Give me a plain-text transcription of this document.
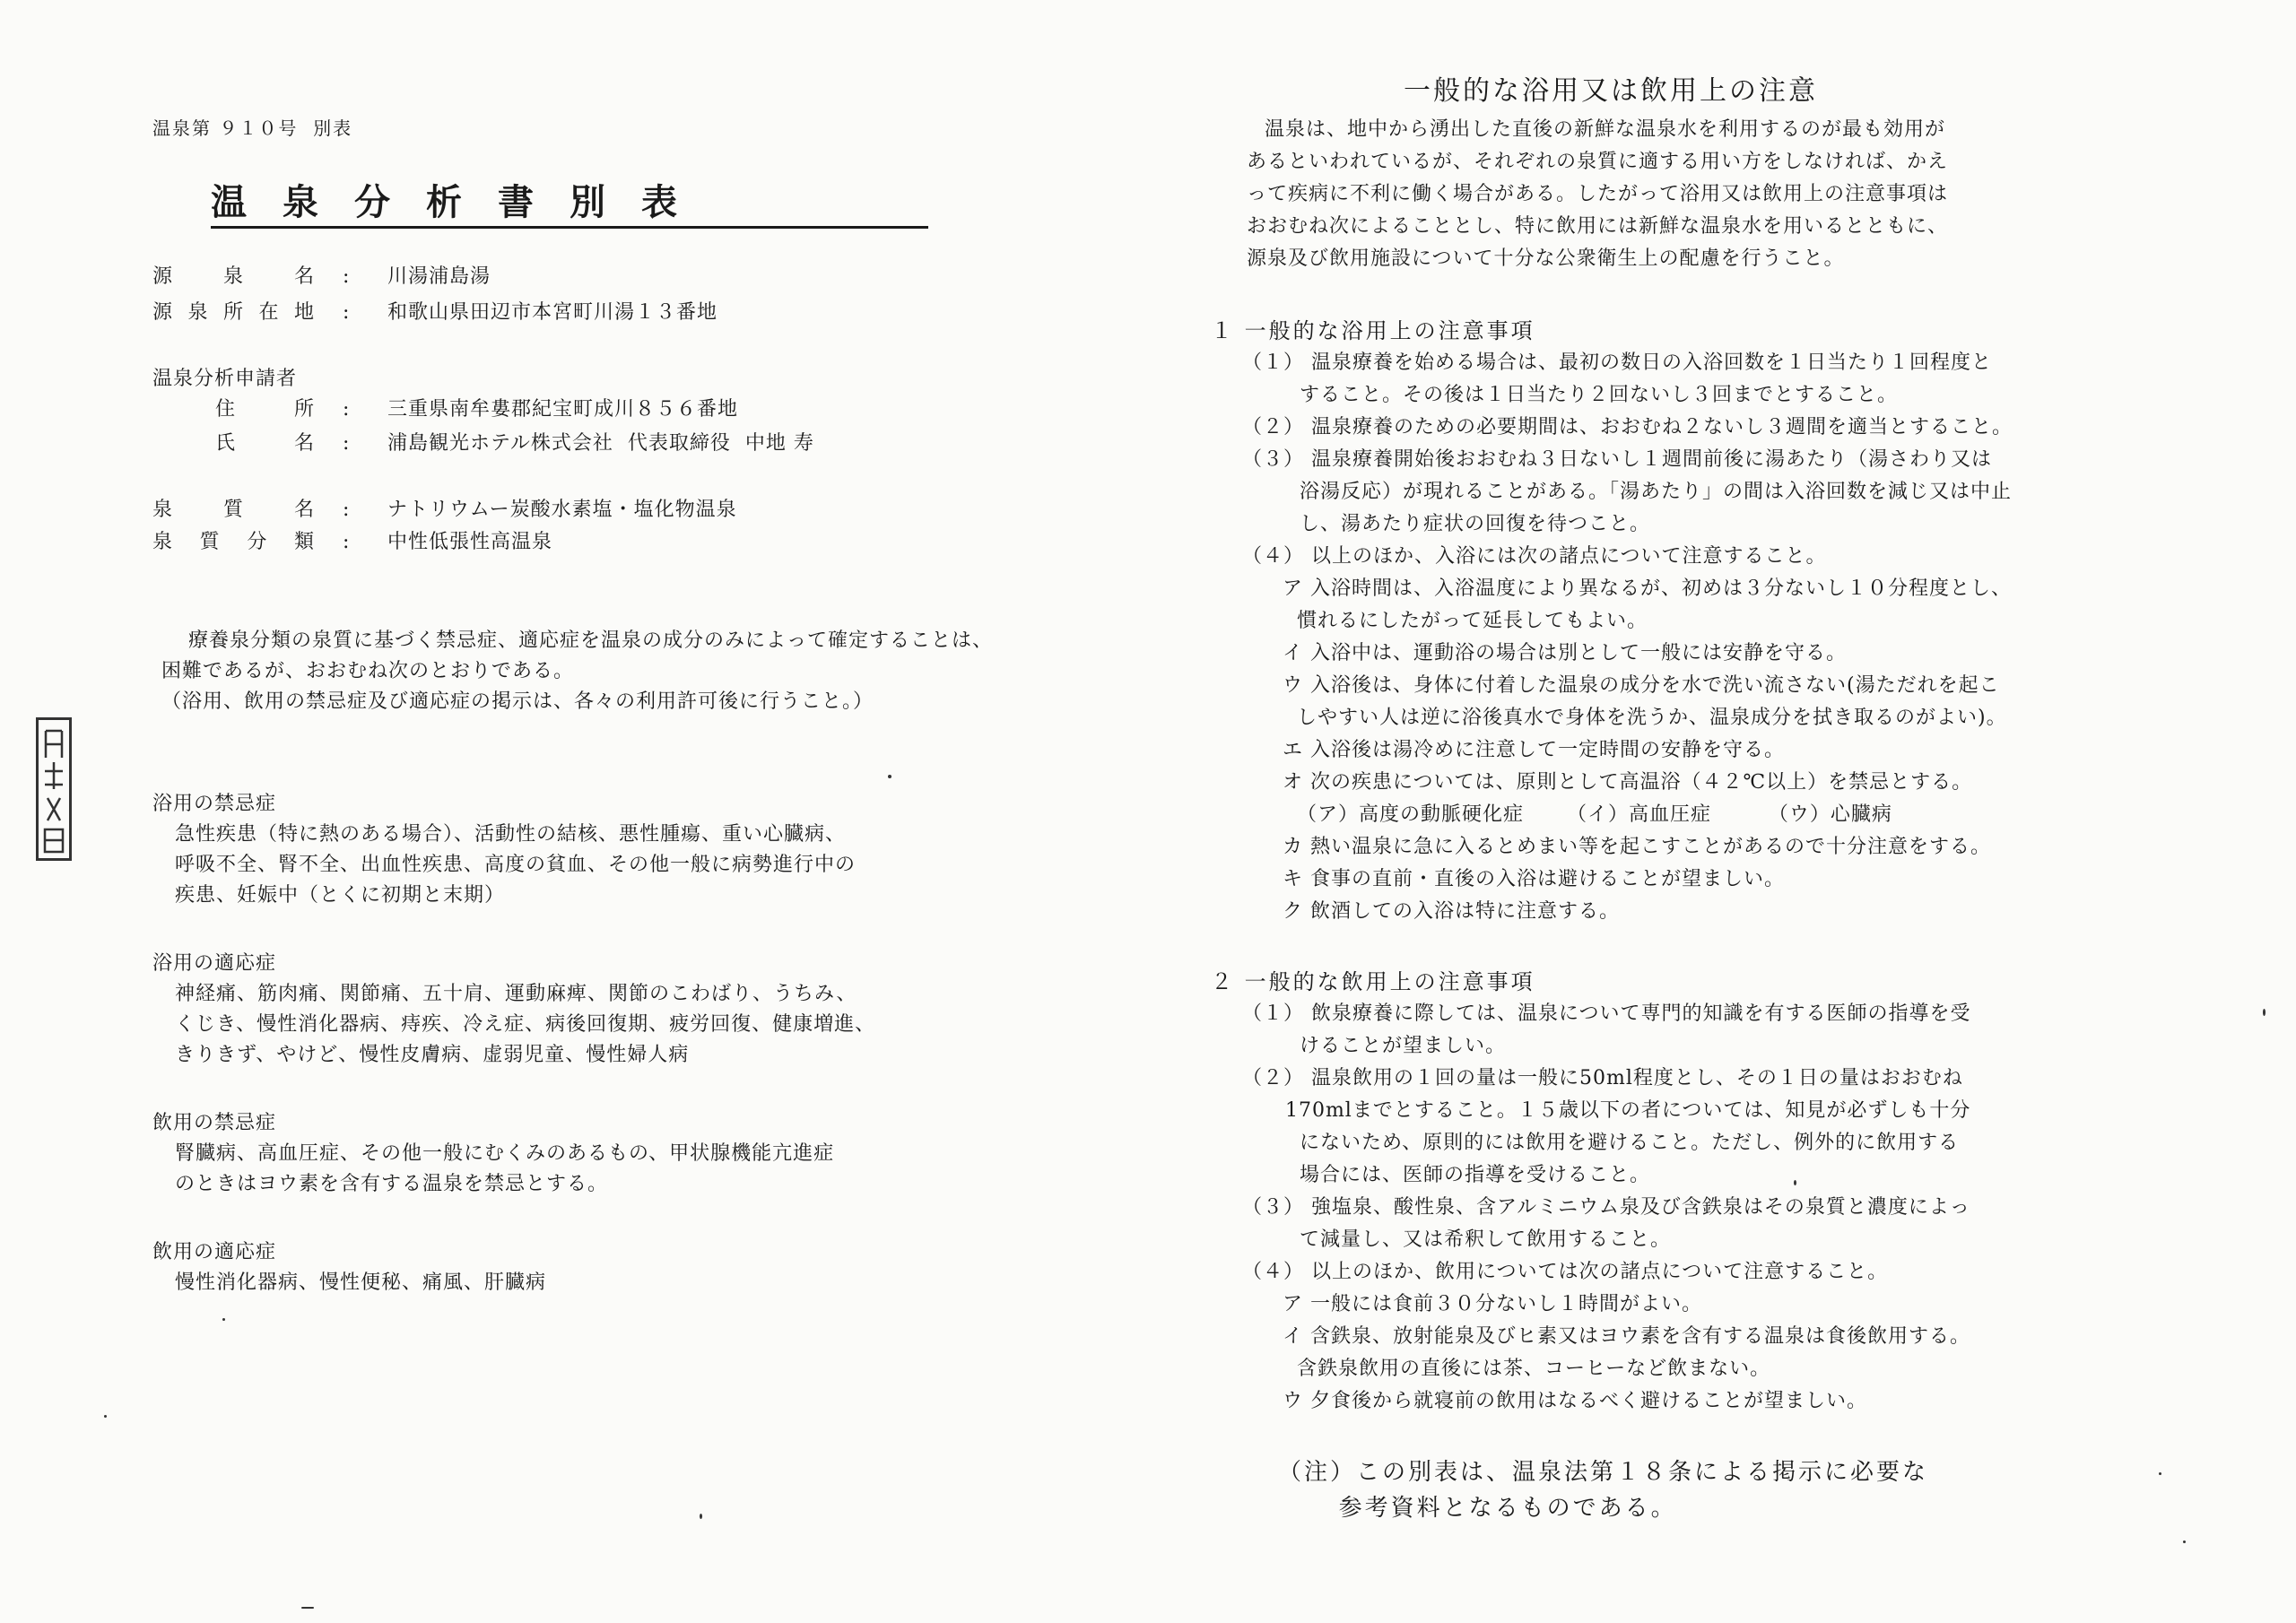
温泉第 ９１０号  別表
温泉分析書別表
源泉名 : 川湯浦島湯
源泉所在地 : 和歌山県田辺市本宮町川湯１３番地
温泉分析申請者
住所 : 三重県南牟婁郡紀宝町成川８５６番地
氏名 : 浦島観光ホテル株式会社  代表取締役  中地 寿
泉質名 : ナトリウムー炭酸水素塩・塩化物温泉
泉質分類 : 中性低張性高温泉
療養泉分類の泉質に基づく禁忌症、適応症を温泉の成分のみによって確定することは、
困難であるが、おおむね次のとおりである。
（浴用、飲用の禁忌症及び適応症の掲示は、各々の利用許可後に行うこと。）
浴用の禁忌症
急性疾患（特に熱のある場合）、活動性の結核、悪性腫瘍、重い心臓病、
呼吸不全、腎不全、出血性疾患、高度の貧血、その他一般に病勢進行中の
疾患、妊娠中（とくに初期と末期）
浴用の適応症
神経痛、筋肉痛、関節痛、五十肩、運動麻痺、関節のこわばり、うちみ、
くじき、慢性消化器病、痔疾、冷え症、病後回復期、疲労回復、健康増進、
きりきず、やけど、慢性皮膚病、虚弱児童、慢性婦人病
飲用の禁忌症
腎臓病、高血圧症、その他一般にむくみのあるもの、甲状腺機能亢進症
のときはヨウ素を含有する温泉を禁忌とする。
飲用の適応症
慢性消化器病、慢性便秘、痛風、肝臓病
一般的な浴用又は飲用上の注意
温泉は、地中から湧出した直後の新鮮な温泉水を利用するのが最も効用が
あるといわれているが、それぞれの泉質に適する用い方をしなければ、かえ
って疾病に不利に働く場合がある。したがって浴用又は飲用上の注意事項は
おおむね次によることとし、特に飲用には新鮮な温泉水を用いるとともに、
源泉及び飲用施設について十分な公衆衛生上の配慮を行うこと。
１ 一般的な浴用上の注意事項
（１） 温泉療養を始める場合は、最初の数日の入浴回数を１日当たり１回程度と
すること。その後は１日当たり２回ないし３回までとすること。
（２） 温泉療養のための必要期間は、おおむね２ないし３週間を適当とすること。
（３） 温泉療養開始後おおむね３日ないし１週間前後に湯あたり（湯さわり又は
浴湯反応）が現れることがある。「湯あたり」の間は入浴回数を減じ又は中止
し、湯あたり症状の回復を待つこと。
（４） 以上のほか、入浴には次の諸点について注意すること。
ア 入浴時間は、入浴温度により異なるが、初めは３分ないし１０分程度とし、
慣れるにしたがって延長してもよい。
イ 入浴中は、運動浴の場合は別として一般には安静を守る。
ウ 入浴後は、身体に付着した温泉の成分を水で洗い流さない(湯ただれを起こ
しやすい人は逆に浴後真水で身体を洗うか、温泉成分を拭き取るのがよい)。
エ 入浴後は湯冷めに注意して一定時間の安静を守る。
オ 次の疾患については、原則として高温浴（４２℃以上）を禁忌とする。
（ア）高度の動脈硬化症      （イ）高血圧症        （ウ）心臓病
カ 熱い温泉に急に入るとめまい等を起こすことがあるので十分注意をする。
キ 食事の直前・直後の入浴は避けることが望ましい。
ク 飲酒しての入浴は特に注意する。
２ 一般的な飲用上の注意事項
（１） 飲泉療養に際しては、温泉について専門的知識を有する医師の指導を受
けることが望ましい。
（２） 温泉飲用の１回の量は一般に50ml程度とし、その１日の量はおおむね
170mlまでとすること。１５歳以下の者については、知見が必ずしも十分
にないため、原則的には飲用を避けること。ただし、例外的に飲用する
場合には、医師の指導を受けること。
（３） 強塩泉、酸性泉、含アルミニウム泉及び含鉄泉はその泉質と濃度によっ
て減量し、又は希釈して飲用すること。
（４） 以上のほか、飲用については次の諸点について注意すること。
ア 一般には食前３０分ないし１時間がよい。
イ 含鉄泉、放射能泉及びヒ素又はヨウ素を含有する温泉は食後飲用する。
含鉄泉飲用の直後には茶、コーヒーなど飲まない。
ウ 夕食後から就寝前の飲用はなるべく避けることが望ましい。
（注）この別表は、温泉法第１８条による掲示に必要な
参考資料となるものである。
